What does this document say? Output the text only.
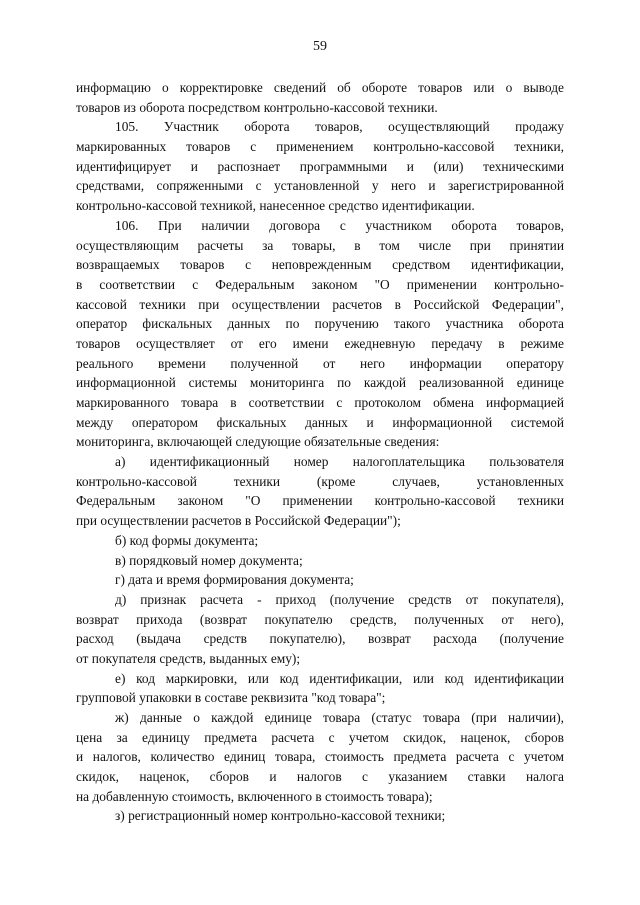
59
информацию о корректировке сведений об обороте товаров или о выводе
товаров из оборота посредством контрольно-кассовой техники.
105. Участник оборота товаров, осуществляющий продажу
маркированных товаров с применением контрольно-кассовой техники,
идентифицирует и распознает программными и (или) техническими
средствами, сопряженными с установленной у него и зарегистрированной
контрольно-кассовой техникой, нанесенное средство идентификации.
106. При наличии договора с участником оборота товаров,
осуществляющим расчеты за товары, в том числе при принятии
возвращаемых товаров с неповрежденным средством идентификации,
в соответствии с Федеральным законом "О применении контрольно-
кассовой техники при осуществлении расчетов в Российской Федерации",
оператор фискальных данных по поручению такого участника оборота
товаров осуществляет от его имени ежедневную передачу в режиме
реального времени полученной от него информации оператору
информационной системы мониторинга по каждой реализованной единице
маркированного товара в соответствии с протоколом обмена информацией
между оператором фискальных данных и информационной системой
мониторинга, включающей следующие обязательные сведения:
а) идентификационный номер налогоплательщика пользователя
контрольно-кассовой техники (кроме случаев, установленных
Федеральным законом "О применении контрольно-кассовой техники
при осуществлении расчетов в Российской Федерации");
б) код формы документа;
в) порядковый номер документа;
г) дата и время формирования документа;
д) признак расчета - приход (получение средств от покупателя),
возврат прихода (возврат покупателю средств, полученных от него),
расход (выдача средств покупателю), возврат расхода (получение
от покупателя средств, выданных ему);
е) код маркировки, или код идентификации, или код идентификации
групповой упаковки в составе реквизита "код товара";
ж) данные о каждой единице товара (статус товара (при наличии),
цена за единицу предмета расчета с учетом скидок, наценок, сборов
и налогов, количество единиц товара, стоимость предмета расчета с учетом
скидок, наценок, сборов и налогов с указанием ставки налога
на добавленную стоимость, включенного в стоимость товара);
з) регистрационный номер контрольно-кассовой техники;
